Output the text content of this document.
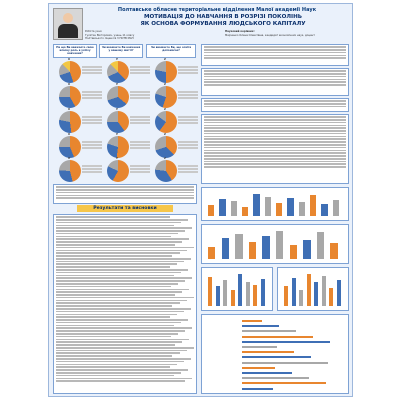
Полтавське обласне територіальне відділення Малої академії Наук
МОТИВАЦІЯ ДО НАВЧАННЯ В РОЗРІЗІ ПОКОЛІНЬ
ЯК ОСНОВА ФОРМУВАННЯ ЛЮДСЬКОГО КАПІТАЛУ
Робота учня
Гусятин Вікторович, учень 11 класу
Полтавського ліцею № 3 ПОТВ МАН
Науковий керівник:
Марченко Олена Олексіївна, кандидат економічних наук, доцент
На що Ви вважаєте свою власну роль в успіху навчання?
Чи вважаєте Ви навчання у вашому житті?
Чи вважаєте Ви, що освіта допомагає?
Х	У	Z
Х	У	Z
Х	У	Z
Х	У	Z
Х	У	Z
Результати та висновки
